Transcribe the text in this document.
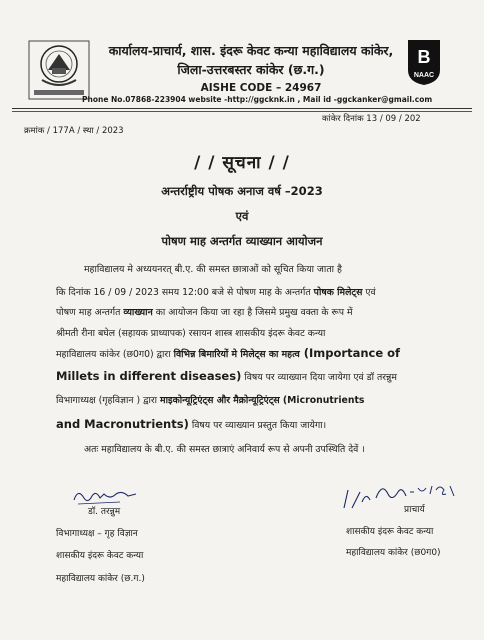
B
NAAC
कार्यालय-प्राचार्य, शास. इंदरू केवट कन्या महाविद्यालय कांकेर,
जिला-उत्तरबस्तर कांकेर (छ.ग.)
AISHE CODE – 24967
Phone No.07868-223904 website -http://ggcknk.in , Mail id -ggckanker@gmail.com
क्रमांक / 177A / स्था / 2023
कांकेर दिनांक 13 / 09 / 202
/ / सूचना / /
अन्तर्राष्ट्रीय पोषक अनाज वर्ष –2023
एवं
पोषण माह अन्तर्गत व्याख्यान आयोजन
महाविद्यालय मे अध्ययनरत् बी.ए. की समस्त छात्राओं को सूचित किया जाता है
कि दिनांक 16 / 09 / 2023 समय 12:00 बजे से पोषण माह के अन्तर्गत पोषक मिलेट्स एवं
पोषण माह अन्तर्गत व्याख्यान का आयोजन किया जा रहा है जिसमे प्रमुख वक्ता के रूप में
श्रीमती रीना बघेल (सहायक प्राध्यापक) रसायन शास्त्र शासकीय इंदरू केवट कन्या
महाविद्यालय कांकेर (छ0ग0) द्वारा विभिन्न बिमारियों मे मिलेट्स का महत्व (Importance of
Millets in different diseases) विषय पर व्याख्यान दिया जायेगा एवं डॉ तरन्नुम
विभागाध्यक्ष (गृहविज्ञान ) द्वारा माइकोन्यूट्रिएंट्स और मैक्रोन्यूट्रिएंट्स (Micronutrients
and Macronutrients) विषय पर व्याख्यान प्रस्तुत किया जायेगा।
अतः महाविद्यालय के बी.ए. की समस्त छात्राएं अनिवार्य रूप से अपनी उपस्थिति देवें ।
डॉ. तरन्नुम
विभागाध्यक्ष – गृह विज्ञान
शासकीय इंदरू केवट कन्या
महाविद्यालय कांकेर (छ.ग.)
प्राचार्य
शासकीय इंदरू केवट कन्या
महाविद्यालय कांकेर (छ0ग0)
